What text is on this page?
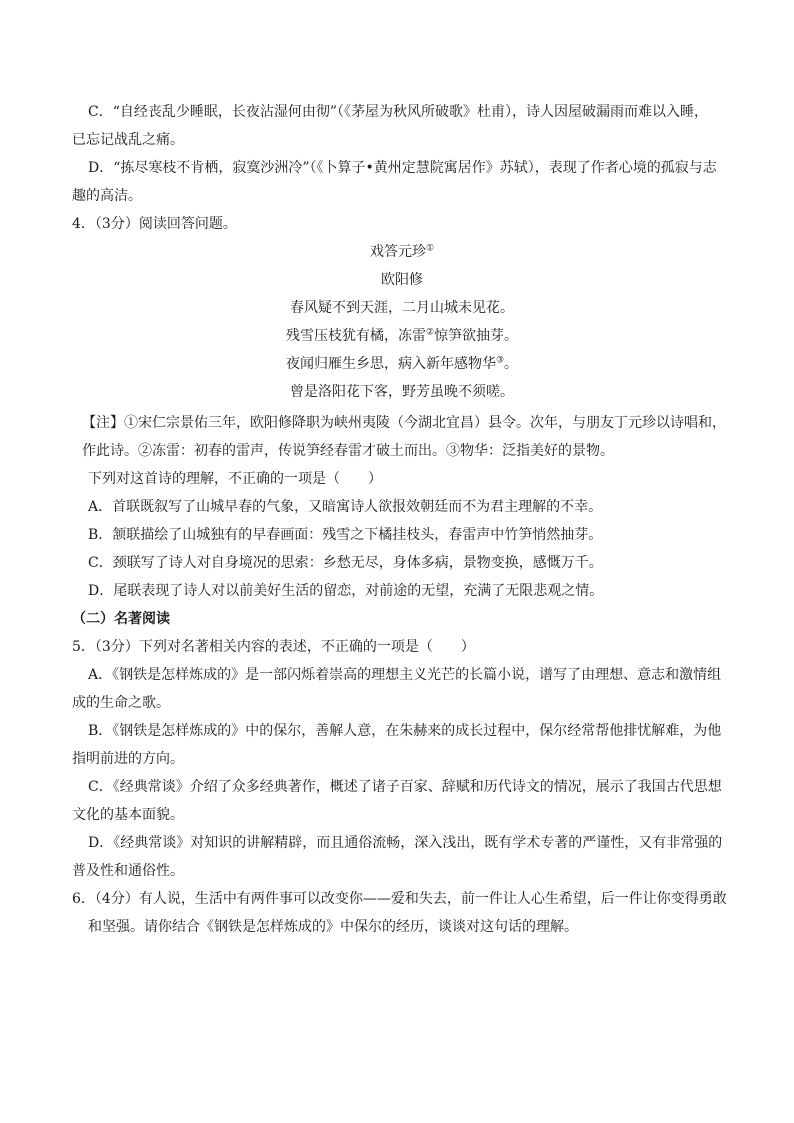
C．“自经丧乱少睡眠，长夜沾湿何由彻”（《茅屋为秋风所破歌》杜甫），诗人因屋破漏雨而难以入睡，
已忘记战乱之痛。
D．“拣尽寒枝不肯栖，寂寞沙洲冷”（《卜算子•黄州定慧院寓居作》苏轼），表现了作者心境的孤寂与志
趣的高洁。
4．（3分）阅读回答问题。
戏答元珍①
欧阳修
春风疑不到天涯，二月山城未见花。
残雪压枝犹有橘，冻雷②惊笋欲抽芽。
夜闻归雁生乡思，病入新年感物华③。
曾是洛阳花下客，野芳虽晚不须嗟。
【注】①宋仁宗景佑三年，欧阳修降职为峡州夷陵（今湖北宜昌）县令。次年，与朋友丁元珍以诗唱和，
作此诗。②冻雷：初春的雷声，传说笋经春雷才破土而出。③物华：泛指美好的景物。
下列对这首诗的理解，不正确的一项是（　　）
A．首联既叙写了山城早春的气象，又暗寓诗人欲报效朝廷而不为君主理解的不幸。
B．颔联描绘了山城独有的早春画面：残雪之下橘挂枝头，春雷声中竹笋悄然抽芽。
C．颈联写了诗人对自身境况的思索：乡愁无尽，身体多病，景物变换，感慨万千。
D．尾联表现了诗人对以前美好生活的留恋，对前途的无望，充满了无限悲观之情。
（二）名著阅读
5．（3分）下列对名著相关内容的表述，不正确的一项是（　　）
A．《钢铁是怎样炼成的》是一部闪烁着崇高的理想主义光芒的长篇小说，谱写了由理想、意志和激情组
成的生命之歌。
B．《钢铁是怎样炼成的》中的保尔，善解人意，在朱赫来的成长过程中，保尔经常帮他排忧解难，为他
指明前进的方向。
C．《经典常谈》介绍了众多经典著作，概述了诸子百家、辞赋和历代诗文的情况，展示了我国古代思想
文化的基本面貌。
D．《经典常谈》对知识的讲解精辟，而且通俗流畅，深入浅出，既有学术专著的严谨性，又有非常强的
普及性和通俗性。
6．（4分）有人说，生活中有两件事可以改变你——爱和失去，前一件让人心生希望，后一件让你变得勇敢
和坚强。请你结合《钢铁是怎样炼成的》中保尔的经历，谈谈对这句话的理解。
